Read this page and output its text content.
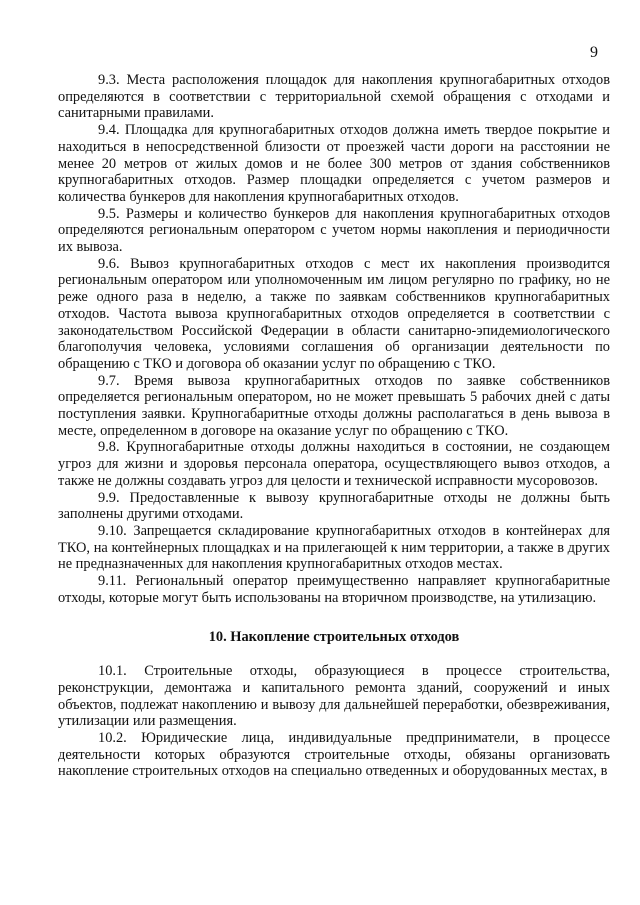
9

9.3. Места расположения площадок для накопления крупногабаритных отходов определяются в соответствии с территориальной схемой обращения с отходами и санитарными правилами.

9.4. Площадка для крупногабаритных отходов должна иметь твердое покрытие и находиться в непосредственной близости от проезжей части дороги на расстоянии не менее 20 метров от жилых домов и не более 300 метров от здания собственников крупногабаритных отходов. Размер площадки определяется с учетом размеров и количества бункеров для накопления крупногабаритных отходов.

9.5. Размеры и количество бункеров для накопления крупногабаритных отходов определяются региональным оператором с учетом нормы накопления и периодичности их вывоза.

9.6. Вывоз крупногабаритных отходов с мест их накопления производится региональным оператором или уполномоченным им лицом регулярно по графику, но не реже одного раза в неделю, а также по заявкам собственников крупногабаритных отходов. Частота вывоза крупногабаритных отходов определяется в соответствии с законодательством Российской Федерации в области санитарно-эпидемиологического благополучия человека, условиями соглашения об организации деятельности по обращению с ТКО и договора об оказании услуг по обращению с ТКО.

9.7. Время вывоза крупногабаритных отходов по заявке собственников определяется региональным оператором, но не может превышать 5 рабочих дней с даты поступления заявки. Крупногабаритные отходы должны располагаться в день вывоза в месте, определенном в договоре на оказание услуг по обращению с ТКО.

9.8. Крупногабаритные отходы должны находиться в состоянии, не создающем угроз для жизни и здоровья персонала оператора, осуществляющего вывоз отходов, а также не должны создавать угроз для целости и технической исправности мусоровозов.

9.9. Предоставленные к вывозу крупногабаритные отходы не должны быть заполнены другими отходами.

9.10. Запрещается складирование крупногабаритных отходов в контейнерах для ТКО, на контейнерных площадках и на прилегающей к ним территории, а также в других не предназначенных для накопления крупногабаритных отходов местах.

9.11. Региональный оператор преимущественно направляет крупногабаритные отходы, которые могут быть использованы на вторичном производстве, на утилизацию.

10. Накопление строительных отходов

10.1. Строительные отходы, образующиеся в процессе строительства, реконструкции, демонтажа и капитального ремонта зданий, сооружений и иных объектов, подлежат накоплению и вывозу для дальнейшей переработки, обезвреживания, утилизации или размещения.

10.2. Юридические лица, индивидуальные предприниматели, в процессе деятельности которых образуются строительные отходы, обязаны организовать накопление строительных отходов на специально отведенных и оборудованных местах, в
